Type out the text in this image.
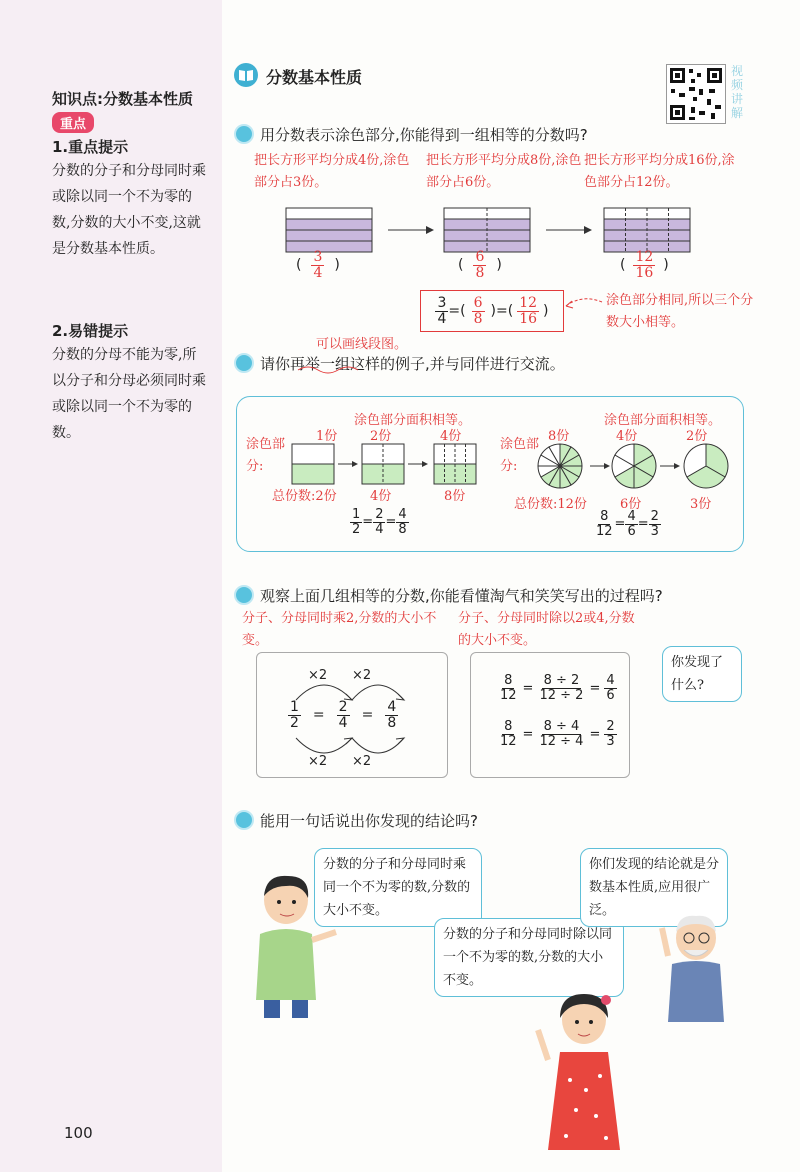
知识点:分数基本性质
重点
1.重点提示
分数的分子和分母同时乘或除以同一个不为零的数,分数的大小不变,这就是分数基本性质。
2.易错提示
分数的分母不能为零,所以分子和分母必须同时乘或除以同一个不为零的数。
分数基本性质	视
频
讲
解
用分数表示涂色部分,你能得到一组相等的分数吗?
把长方形平均分成4份,涂色部分占3份。
把长方形平均分成8份,涂色部分占6份。
把长方形平均分成16份,涂色部分占12份。
( $\frac{3}{4}$ )	( $\frac{6}{8}$ )	( $\frac{12}{16}$ )
$\frac{3}{4}$ = ( $\frac{6}{8}$ ) = ( $\frac{12}{16}$ )
涂色部分相同,所以三个分数大小相等。
可以画线段图。
请你再举一组这样的例子,并与同伴进行交流。
涂色部分:
1份	2份	4份
涂色部分面积相等。
总份数:2份	4份	8份
$\frac{1}{2} = \frac{2}{4} = \frac{4}{8}$
涂色部分:
8份	4份	2份
涂色部分面积相等。
总份数:12份	6份	3份
$\frac{8}{12} = \frac{4}{6} = \frac{2}{3}$
观察上面几组相等的分数,你能看懂淘气和笑笑写出的过程吗?
分子、分母同时乘2,分数的大小不变。
分子、分母同时除以2或4,分数的大小不变。
×2 ×2
×2 ×2
$\frac{1}{2} = \frac{2}{4} = \frac{4}{8}$
$\frac{8}{12} = \frac{8 \div 2}{12 \div 2} = \frac{4}{6}$
$\frac{8}{12} = \frac{8 \div 4}{12 \div 4} = \frac{2}{3}$
你发现了什么?
能用一句话说出你发现的结论吗?
分数的分子和分母同时乘同一个不为零的数,分数的大小不变。
分数的分子和分母同时除以同一个不为零的数,分数的大小不变。
你们发现的结论就是分数基本性质,应用很广泛。
100
